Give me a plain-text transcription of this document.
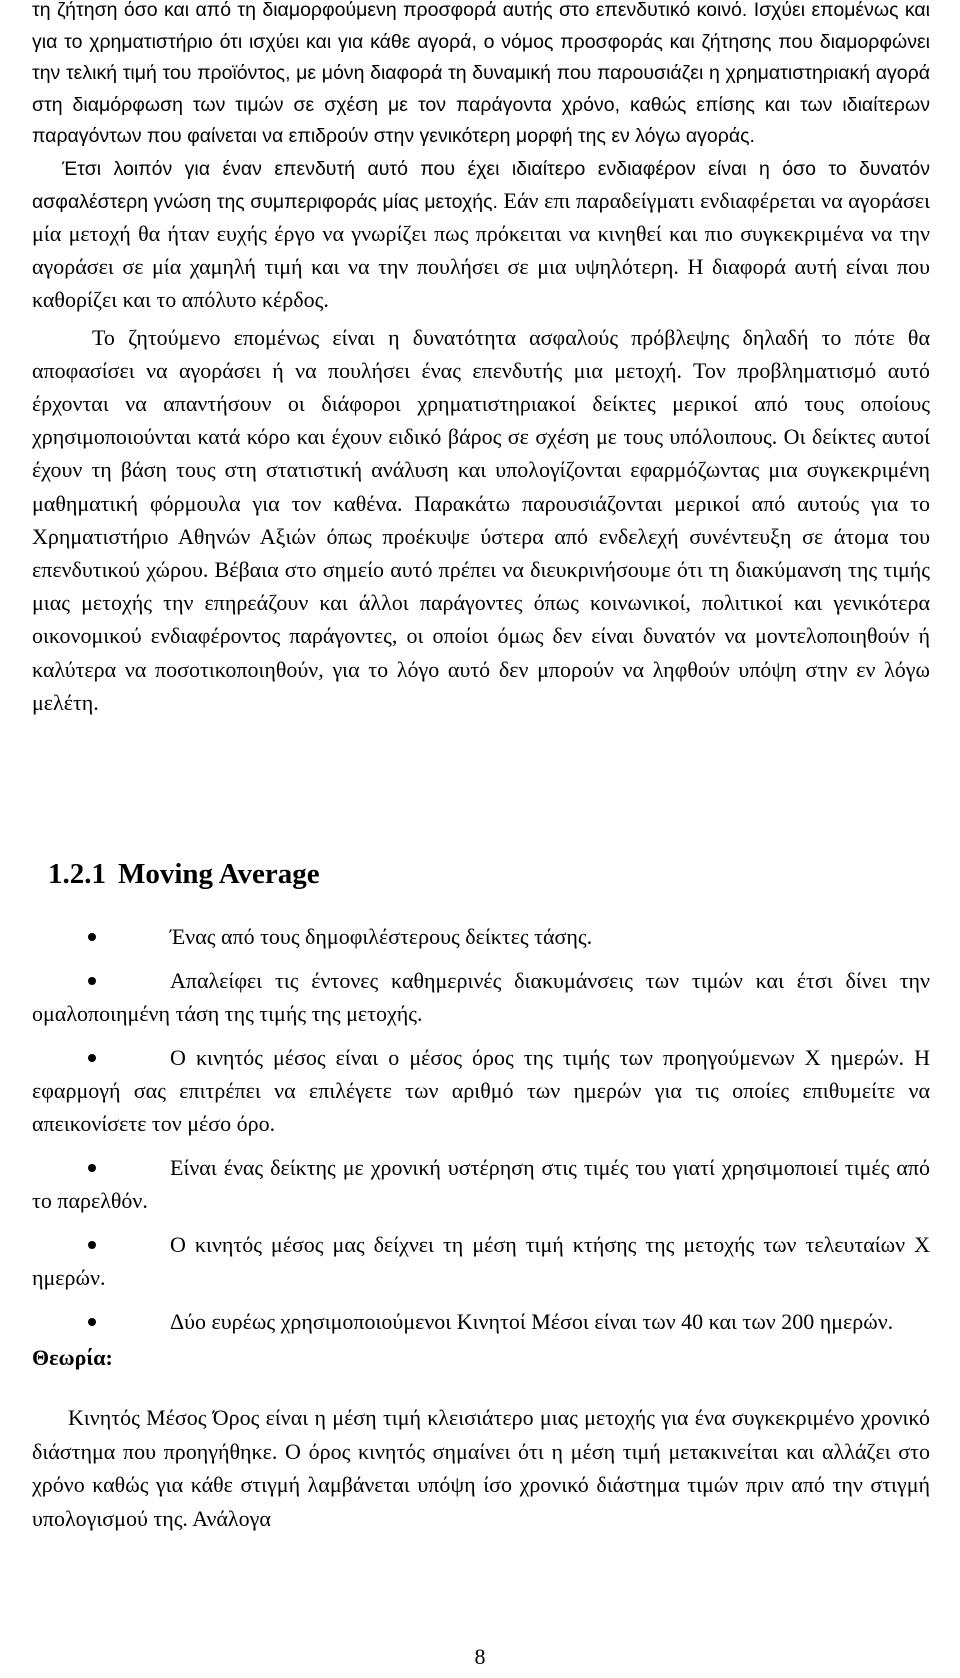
τη ζήτηση όσο και από τη διαμορφούμενη προσφορά αυτής στο επενδυτικό κοινό. Ισχύει επομένως και για το χρηματιστήριο ότι ισχύει και για κάθε αγορά, ο νόμος προσφοράς και ζήτησης που διαμορφώνει την τελική τιμή του προϊόντος, με μόνη διαφορά τη δυναμική που παρουσιάζει η χρηματιστηριακή αγορά στη διαμόρφωση των τιμών σε σχέση με τον παράγοντα χρόνο, καθώς επίσης και των ιδιαίτερων παραγόντων που φαίνεται να επιδρούν στην γενικότερη μορφή της εν λόγω αγοράς.

Έτσι λοιπόν για έναν επενδυτή αυτό που έχει ιδιαίτερο ενδιαφέρον είναι η όσο το δυνατόν ασφαλέστερη γνώση της συμπεριφοράς μίας μετοχής. Εάν επι παραδείγματι ενδιαφέρεται να αγοράσει μία μετοχή θα ήταν ευχής έργο να γνωρίζει πως πρόκειται να κινηθεί και πιο συγκεκριμένα να την αγοράσει σε μία χαμηλή τιμή και να την πουλήσει σε μια υψηλότερη. Η διαφορά αυτή είναι που καθορίζει και το απόλυτο κέρδος.

Το ζητούμενο επομένως είναι η δυνατότητα ασφαλούς πρόβλεψης δηλαδή το πότε θα αποφασίσει να αγοράσει ή να πουλήσει ένας επενδυτής μια μετοχή. Τον προβληματισμό αυτό έρχονται να απαντήσουν οι διάφοροι χρηματιστηριακοί δείκτες μερικοί από τους οποίους χρησιμοποιούνται κατά κόρο και έχουν ειδικό βάρος σε σχέση με τους υπόλοιπους. Οι δείκτες αυτοί έχουν τη βάση τους στη στατιστική ανάλυση και υπολογίζονται εφαρμόζωντας μια συγκεκριμένη μαθηματική φόρμουλα για τον καθένα. Παρακάτω παρουσιάζονται μερικοί από αυτούς για το Χρηματιστήριο Αθηνών Αξιών όπως προέκυψε ύστερα από ενδελεχή συνέντευξη σε άτομα του επενδυτικού χώρου. Βέβαια στο σημείο αυτό πρέπει να διευκρινήσουμε ότι τη διακύμανση της τιμής μιας μετοχής την επηρεάζουν και άλλοι παράγοντες όπως κοινωνικοί, πολιτικοί και γενικότερα οικονομικού ενδιαφέροντος παράγοντες, οι οποίοι όμως δεν είναι δυνατόν να μοντελοποιηθούν ή καλύτερα να ποσοτικοποιηθούν, για το λόγο αυτό δεν μπορούν να ληφθούν υπόψη στην εν λόγω μελέτη.

1.2.1 Moving Average
Ένας από τους δημοφιλέστερους δείκτες τάσης.
Απαλείφει τις έντονες καθημερινές διακυμάνσεις των τιμών και έτσι δίνει την ομαλοποιημένη τάση της τιμής της μετοχής.
Ο κινητός μέσος είναι ο μέσος όρος της τιμής των προηγούμενων Χ ημερών. Η εφαρμογή σας επιτρέπει να επιλέγετε των αριθμό των ημερών για τις οποίες επιθυμείτε να απεικονίσετε τον μέσο όρο.
Είναι ένας δείκτης με χρονική υστέρηση στις τιμές του γιατί χρησιμοποιεί τιμές από το παρελθόν.
Ο κινητός μέσος μας δείχνει τη μέση τιμή κτήσης της μετοχής των τελευταίων Χ ημερών.
Δύο ευρέως χρησιμοποιούμενοι Κινητοί Μέσοι είναι των 40 και των 200 ημερών.
Θεωρία:

Κινητός Μέσος Όρος είναι η μέση τιμή κλεισιάτερο μιας μετοχής για ένα συγκεκριμένο χρονικό διάστημα που προηγήθηκε. Ο όρος κινητός σημαίνει ότι η μέση τιμή μετακινείται και αλλάζει στο χρόνο καθώς για κάθε στιγμή λαμβάνεται υπόψη ίσο χρονικό διάστημα τιμών πριν από την στιγμή υπολογισμού της. Ανάλογα

8
